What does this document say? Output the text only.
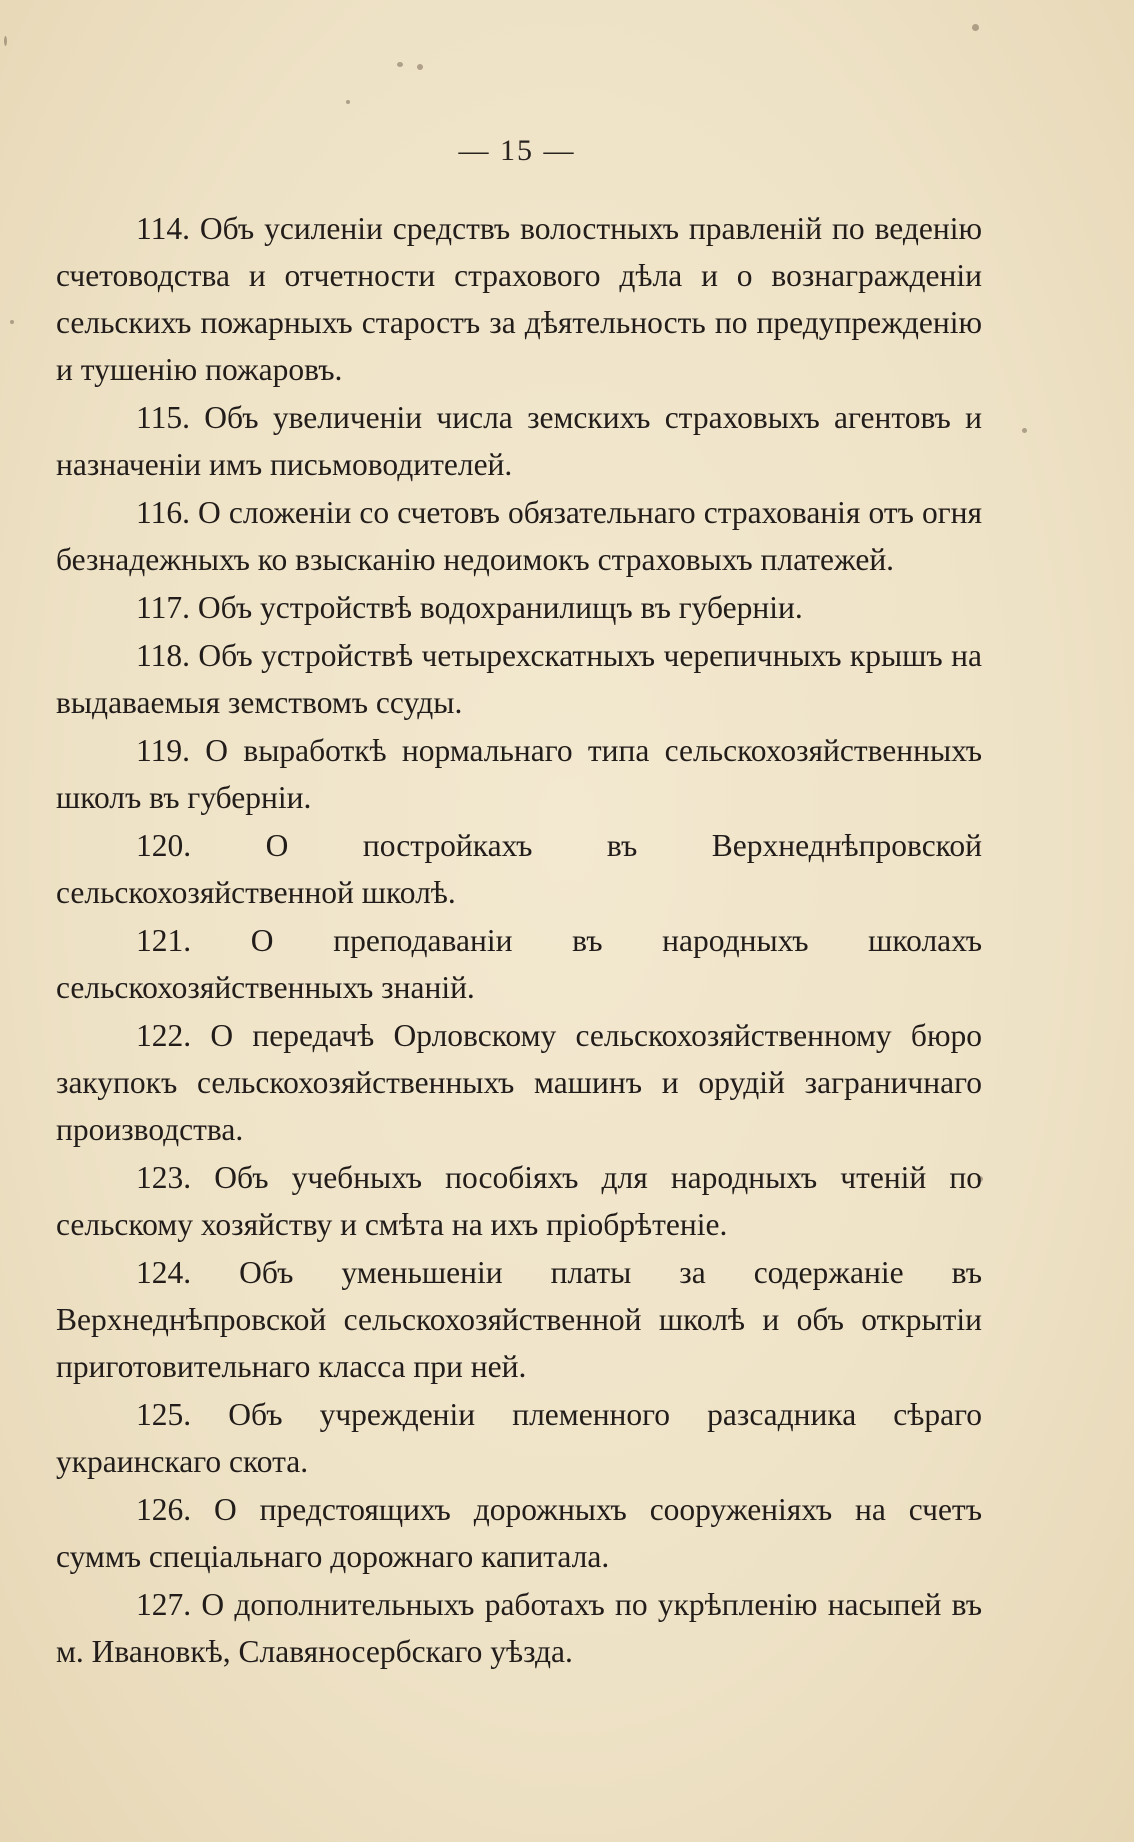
— 15 —

114. Объ усиленіи средствъ волостныхъ правленій по веденію счетоводства и отчетности страхового дѣла и о вознагражденіи сельскихъ пожарныхъ старостъ за дѣятельность по предупрежденію и тушенію пожаровъ.

115. Объ увеличеніи числа земскихъ страховыхъ агентовъ и назначеніи имъ письмоводителей.

116. О сложеніи со счетовъ обязательнаго страхованія отъ огня безнадежныхъ ко взысканію недоимокъ страховыхъ платежей.

117. Объ устройствѣ водохранилищъ въ губерніи.

118. Объ устройствѣ четырехскатныхъ черепичныхъ крышъ на выдаваемыя земствомъ ссуды.

119. О выработкѣ нормальнаго типа сельскохозяйственныхъ школъ въ губерніи.

120. О постройкахъ въ Верхнеднѣпровской сельскохозяйственной школѣ.

121. О преподаваніи въ народныхъ школахъ сельскохозяйственныхъ знаній.

122. О передачѣ Орловскому сельскохозяйственному бюро закупокъ сельскохозяйственныхъ машинъ и орудій заграничнаго производства.

123. Объ учебныхъ пособіяхъ для народныхъ чтеній по сельскому хозяйству и смѣта на ихъ пріобрѣтеніе.

124. Объ уменьшеніи платы за содержаніе въ Верхнеднѣпровской сельскохозяйственной школѣ и объ открытіи приготовительнаго класса при ней.

125. Объ учрежденіи племенного разсадника сѣраго украинскаго скота.

126. О предстоящихъ дорожныхъ сооруженіяхъ на счетъ суммъ спеціальнаго дорожнаго капитала.

127. О дополнительныхъ работахъ по укрѣпленію насыпей въ м. Ивановкѣ, Славяносербскаго уѣзда.
